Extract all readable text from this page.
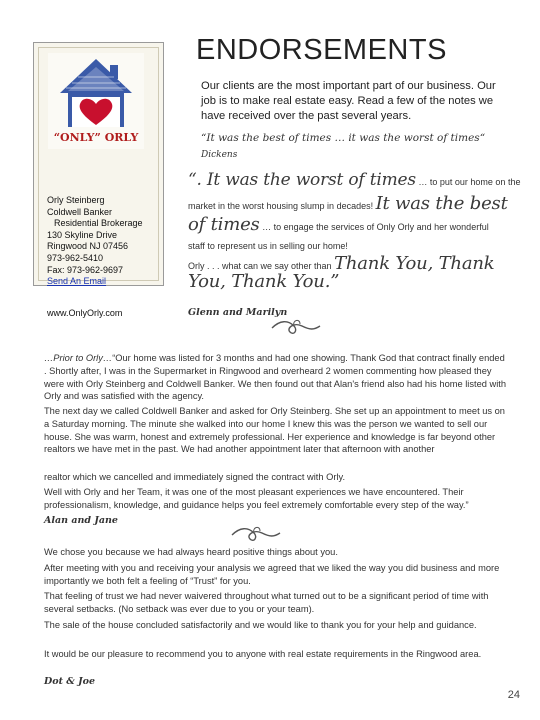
“ONLY” ORLY
Orly Steinberg
Coldwell Banker
Residential Brokerage
130 Skyline Drive
Ringwood NJ 07456
973-962-5410
Fax: 973-962-9697
Send An Email
www.OnlyOrly.com
ENDORSEMENTS
Our clients are the most important part of our business. Our job is to make real estate easy. Read a few of the notes we have received over the past several years.
“It was the best of times … it was the worst of times“
Dickens
“. It was the worst of times … to put our home on the
market in the worst housing slump in decades! It was the best
of times … to engage the services of Only Orly and her wonderful
staff to represent us in selling our home!
Orly . . . what can we say other than Thank You, Thank
You, Thank You.”
Glenn and Marilyn
…Prior to Orly…“Our home was listed for 3 months and had one showing. Thank God that contract finally ended . Shortly after, I was in the Supermarket in Ringwood and overheard 2 women commenting how pleased they were with Orly Steinberg and Coldwell Banker. We then found out that Alan's friend also had his home listed with Orly and was satisfied with the agency.
The next day we called Coldwell Banker and asked for Orly Steinberg. She set up an appointment to meet us on a Saturday morning. The minute she walked into our home I knew this was the person we wanted to sell our house. She was warm, honest and extremely professional. Her experience and knowledge is far beyond other realtors we have met in the past. We had another appointment later that afternoon with another
realtor which we cancelled and immediately signed the contract with Orly.
Well with Orly and her Team, it was one of the most pleasant experiences we have encountered. Their professionalism, knowledge, and guidance helps you feel extremely comfortable every step of the way.”
Alan and Jane
We chose you because we had always heard positive things about you.
After meeting with you and receiving your analysis we agreed that we liked the way you did business and more importantly we both felt a feeling of “Trust” for you.
That feeling of trust we had never waivered throughout what turned out to be a significant period of time with several setbacks. (No setback was ever due to you or your team).
The sale of the house concluded satisfactorily and we would like to thank you for your help and guidance.
It would be our pleasure to recommend you to anyone with real estate requirements in the Ringwood area.
Dot & Joe
24
